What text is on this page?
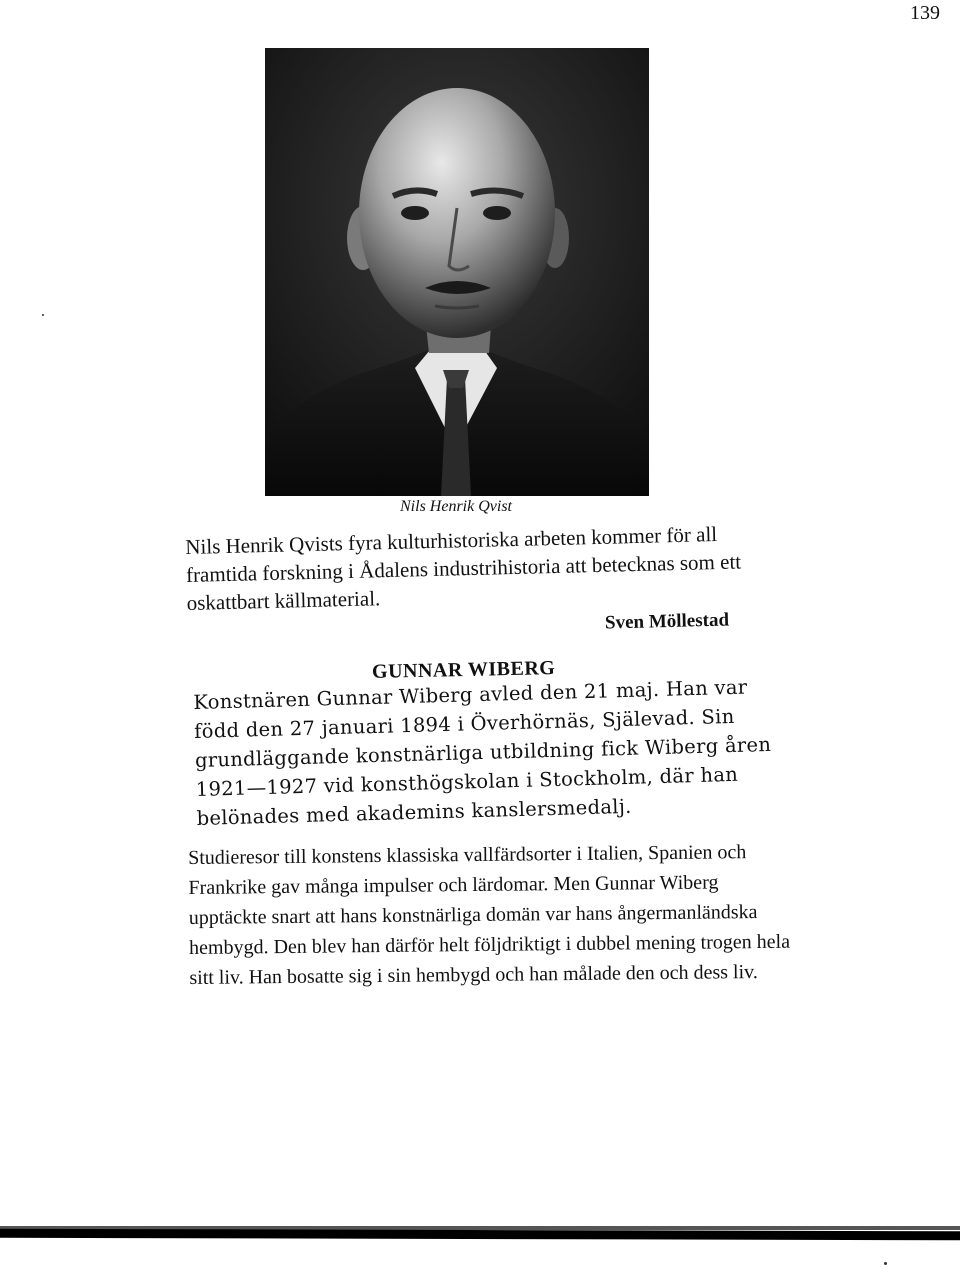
139
Nils Henrik Qvist
Nils Henrik Qvists fyra kulturhistoriska arbeten kommer för all framtida forskning i Ådalens industrihistoria att betecknas som ett oskattbart källmaterial.
Sven Möllestad
GUNNAR WIBERG
Konstnären Gunnar Wiberg avled den 21 maj. Han var född den 27 januari 1894 i Överhörnäs, Själevad. Sin grundläggande konstnärliga utbildning fick Wiberg åren 1921—1927 vid konsthögskolan i Stockholm, där han belönades med akademins kanslersmedalj.
Studieresor till konstens klassiska vallfärdsorter i Italien, Spanien och Frankrike gav många impulser och lärdomar. Men Gunnar Wiberg upptäckte snart att hans konstnärliga domän var hans ångermanländska hembygd. Den blev han därför helt följdriktigt i dubbel mening trogen hela sitt liv. Han bosatte sig i sin hembygd och han målade den och dess liv.
